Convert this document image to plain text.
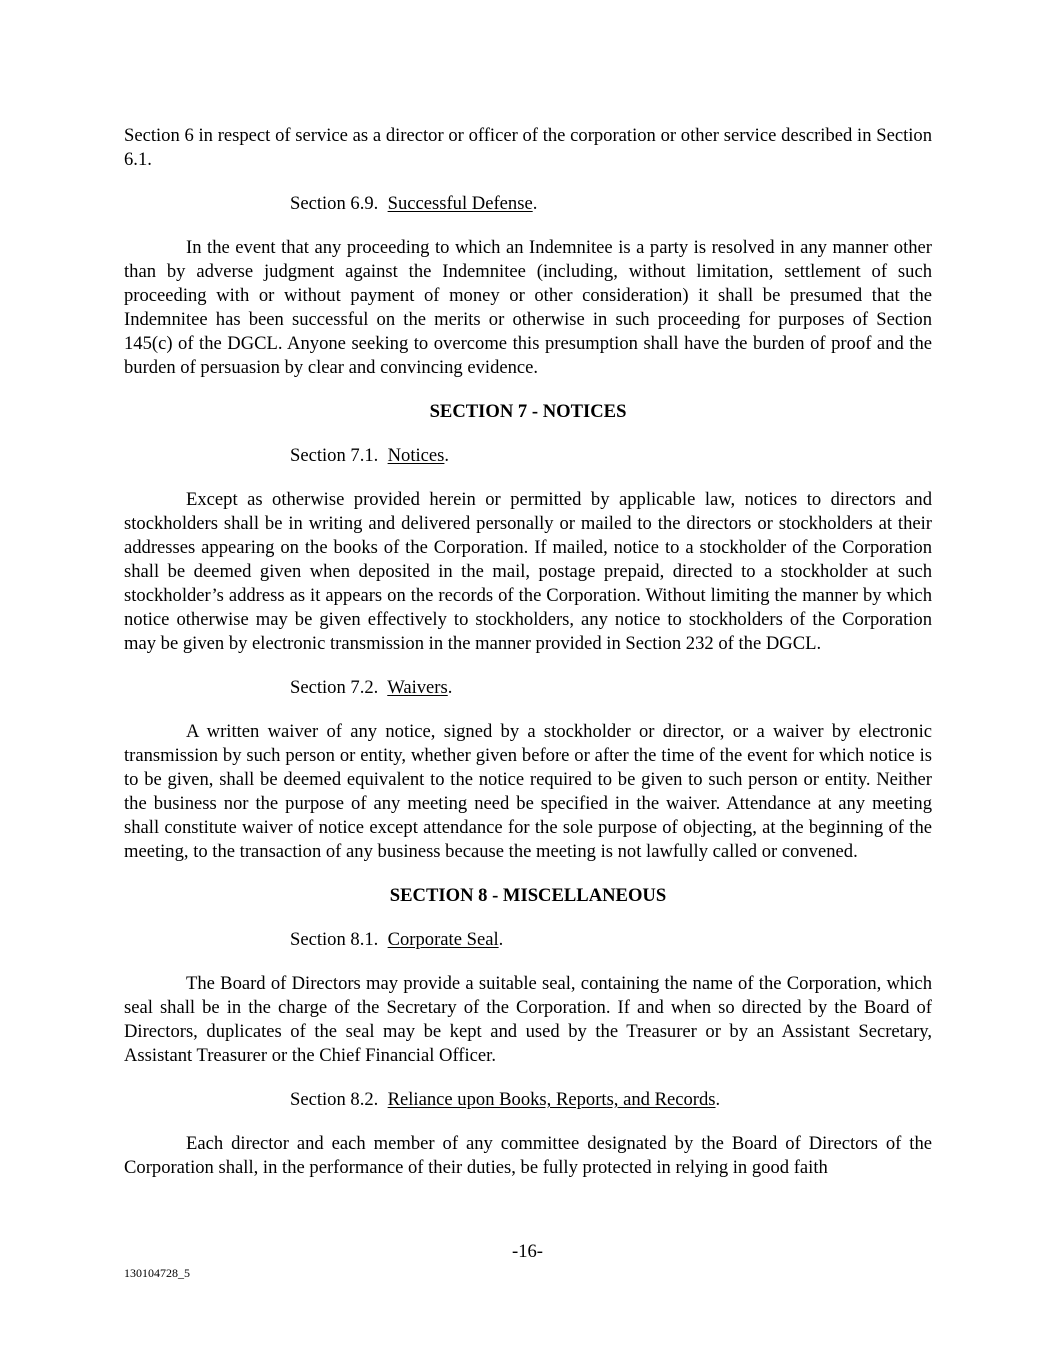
Section 6 in respect of service as a director or officer of the corporation or other service described in Section 6.1.

Section 6.9. Successful Defense.

In the event that any proceeding to which an Indemnitee is a party is resolved in any manner other than by adverse judgment against the Indemnitee (including, without limitation, settlement of such proceeding with or without payment of money or other consideration) it shall be presumed that the Indemnitee has been successful on the merits or otherwise in such proceeding for purposes of Section 145(c) of the DGCL. Anyone seeking to overcome this presumption shall have the burden of proof and the burden of persuasion by clear and convincing evidence.

SECTION 7 - NOTICES

Section 7.1. Notices.

Except as otherwise provided herein or permitted by applicable law, notices to directors and stockholders shall be in writing and delivered personally or mailed to the directors or stockholders at their addresses appearing on the books of the Corporation. If mailed, notice to a stockholder of the Corporation shall be deemed given when deposited in the mail, postage prepaid, directed to a stockholder at such stockholder’s address as it appears on the records of the Corporation. Without limiting the manner by which notice otherwise may be given effectively to stockholders, any notice to stockholders of the Corporation may be given by electronic transmission in the manner provided in Section 232 of the DGCL.

Section 7.2. Waivers.

A written waiver of any notice, signed by a stockholder or director, or a waiver by electronic transmission by such person or entity, whether given before or after the time of the event for which notice is to be given, shall be deemed equivalent to the notice required to be given to such person or entity. Neither the business nor the purpose of any meeting need be specified in the waiver. Attendance at any meeting shall constitute waiver of notice except attendance for the sole purpose of objecting, at the beginning of the meeting, to the transaction of any business because the meeting is not lawfully called or convened.

SECTION 8 - MISCELLANEOUS

Section 8.1. Corporate Seal.

The Board of Directors may provide a suitable seal, containing the name of the Corporation, which seal shall be in the charge of the Secretary of the Corporation. If and when so directed by the Board of Directors, duplicates of the seal may be kept and used by the Treasurer or by an Assistant Secretary, Assistant Treasurer or the Chief Financial Officer.

Section 8.2. Reliance upon Books, Reports, and Records.

Each director and each member of any committee designated by the Board of Directors of the Corporation shall, in the performance of their duties, be fully protected in relying in good faith

-16-
130104728_5
